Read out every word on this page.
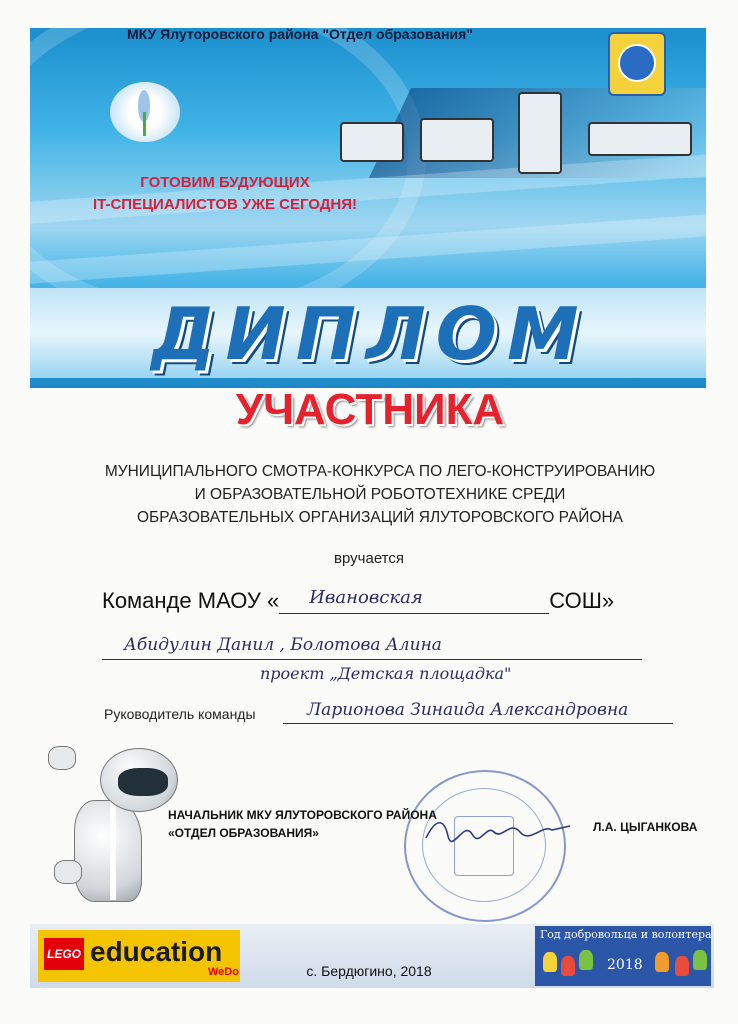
МКУ Ялуторовского района "Отдел образования"
ГОТОВИМ БУДУЮЩИХ
IT-СПЕЦИАЛИСТОВ УЖЕ СЕГОДНЯ!
ДИПЛОМ
УЧАСТНИКА
МУНИЦИПАЛЬНОГО СМОТРА-КОНКУРСА ПО ЛЕГО-КОНСТРУИРОВАНИЮ
И ОБРАЗОВАТЕЛЬНОЙ РОБОТОТЕХНИКЕ СРЕДИ
ОБРАЗОВАТЕЛЬНЫХ ОРГАНИЗАЦИЙ ЯЛУТОРОВСКОГО РАЙОНА
вручается
Команде МАОУ « Ивановская	СОШ»
Абидулин Данил , Болотова Алина
проект „Детская площадка"
Руководитель команды	Ларионова Зинаида Александровна
НАЧАЛЬНИК МКУ ЯЛУТОРОВСКОГО РАЙОНА
«ОТДЕЛ ОБРАЗОВАНИЯ»	Л.А. ЦЫГАНКОВА
LEGO education
WeDo	с. Бердюгино, 2018
Год добровольца и волонтера
2018
